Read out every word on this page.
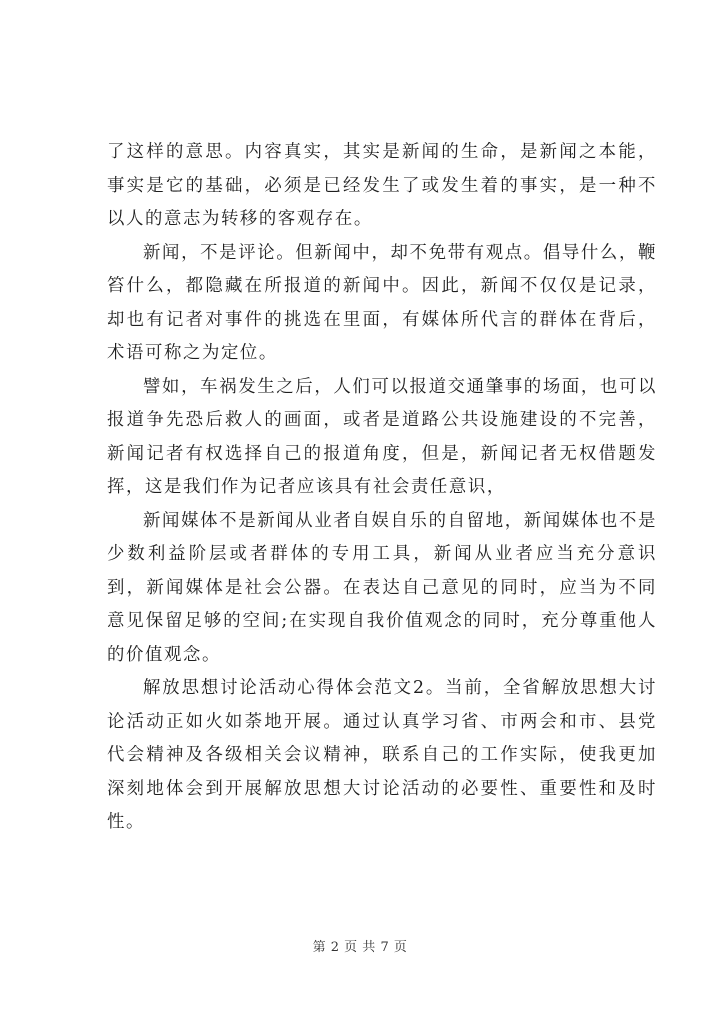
了这样的意思。内容真实，其实是新闻的生命，是新闻之本能，事实是它的基础，必须是已经发生了或发生着的事实，是一种不以人的意志为转移的客观存在。

新闻，不是评论。但新闻中，却不免带有观点。倡导什么，鞭笞什么，都隐藏在所报道的新闻中。因此，新闻不仅仅是记录，却也有记者对事件的挑选在里面，有媒体所代言的群体在背后，术语可称之为定位。

譬如，车祸发生之后，人们可以报道交通肇事的场面，也可以报道争先恐后救人的画面，或者是道路公共设施建设的不完善，新闻记者有权选择自己的报道角度，但是，新闻记者无权借题发挥，这是我们作为记者应该具有社会责任意识，

新闻媒体不是新闻从业者自娱自乐的自留地，新闻媒体也不是少数利益阶层或者群体的专用工具，新闻从业者应当充分意识到，新闻媒体是社会公器。在表达自己意见的同时，应当为不同意见保留足够的空间;在实现自我价值观念的同时，充分尊重他人的价值观念。

解放思想讨论活动心得体会范文2。当前，全省解放思想大讨论活动正如火如荼地开展。通过认真学习省、市两会和市、县党代会精神及各级相关会议精神，联系自己的工作实际，使我更加深刻地体会到开展解放思想大讨论活动的必要性、重要性和及时性。

第 2 页 共 7 页
